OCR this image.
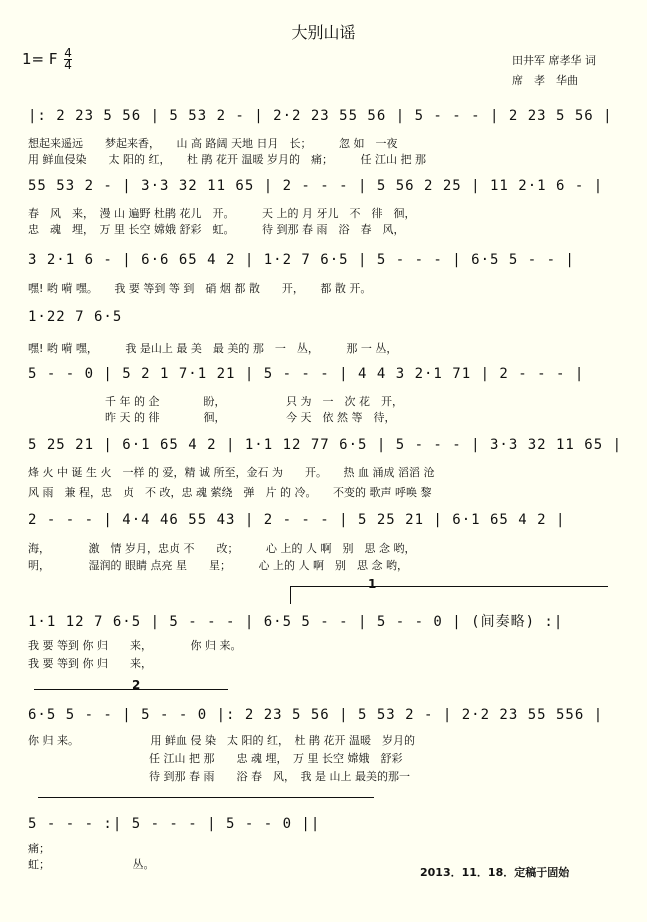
大别山谣
1= F $\frac{4}{4}$	田井军 席孝华 词
席　孝　华曲
|: 2 23 5 56 | 5 53 2 - | 2·2 23 55 56 | 5 - - - | 2 23 5 56 |
想起来遥远　　梦起来香，　　山 高 路阔 天地 日月　长；　　　忽 如　一夜
用 鲜血侵染　　太 阳的 红，　　杜 鹃 花开 温暖 岁月的　痛；　　　任 江山 把 那
55 53 2 - | 3·3 32 11 65 | 2 - - - | 5 56 2 25 | 11 2·1 6 - |
春　风　来，　漫 山 遍野 杜鹃 花儿　开。　　　天 上的 月 牙儿　不　徘　徊，
忠　魂　埋，　万 里 长空 嫦娥 舒彩　虹。　　　待 到那 春 雨　浴　春　风，
3 2·1 6 - | 6·6 65 4 2 | 1·2 7 6·5 | 5 - - - | 6·5 5 - - |
嘿! 哟 嗬 嘿。　　我 要 等到 等 到　硝 烟 都 散　　开，　　都 散 开。
1·22 7 6·5
嘿! 哟 嗬 嘿，　　　我 是山上 最 美　最 美的 那　一　丛，　　　那 一 丛，
5 - - 0 | 5 2 1 7·1 21 | 5 - - - | 4 4 3 2·1 71 | 2 - - - |
　　　　　　　千 年 的 企　　　　盼，　　　　　　只 为　一　次 花　开，
　　　　　　　昨 天 的 徘　　　　徊，　　　　　　今 天　依 然 等　待，
5 25 21 | 6·1 65 4 2 | 1·1 12 77 6·5 | 5 - - - | 3·3 32 11 65 |
烽 火 中 诞 生 火　一样 的 爱，精 诚 所至，金石 为　　开。　　热 血 涌成 滔滔 沧
风 雨　兼 程，忠　贞　不 改，忠 魂 萦绕　弹　片 的 冷。　　不变的 歌声 呼唤 黎
2 - - - | 4·4 46 55 43 | 2 - - - | 5 25 21 | 6·1 65 4 2 |
海，　　　　激　情 岁月，忠贞 不　　改；　　　心 上的 人 啊　别　思 念 哟，
明，　　　　湿润的 眼睛 点亮 星　　星；　　　心 上的 人 啊　别　思 念 哟，
1
1·1 12 7 6·5 | 5 - - - | 6·5 5 - - | 5 - - 0 | (间奏略) :|
我 要 等到 你 归　　来，　　　　你 归 来。
我 要 等到 你 归　　来，
2
6·5 5 - - | 5 - - 0 |: 2 23 5 56 | 5 53 2 - | 2·2 23 55 556 |
你 归 来。　　　　　　　用 鲜血 侵 染　太 阳的 红，　杜 鹃 花开 温暖　岁月的
　　　　　　　　　　　任 江山 把 那　　忠 魂 埋，　万 里 长空 嫦娥　舒彩
　　　　　　　　　　　待 到那 春 雨　　浴 春　风，　我 是 山上 最美的那一
5 - - - :| 5 - - - | 5 - - 0 ||
痛；
虹；　　　　　　　　丛。
2013．11．18．定稿于固始
